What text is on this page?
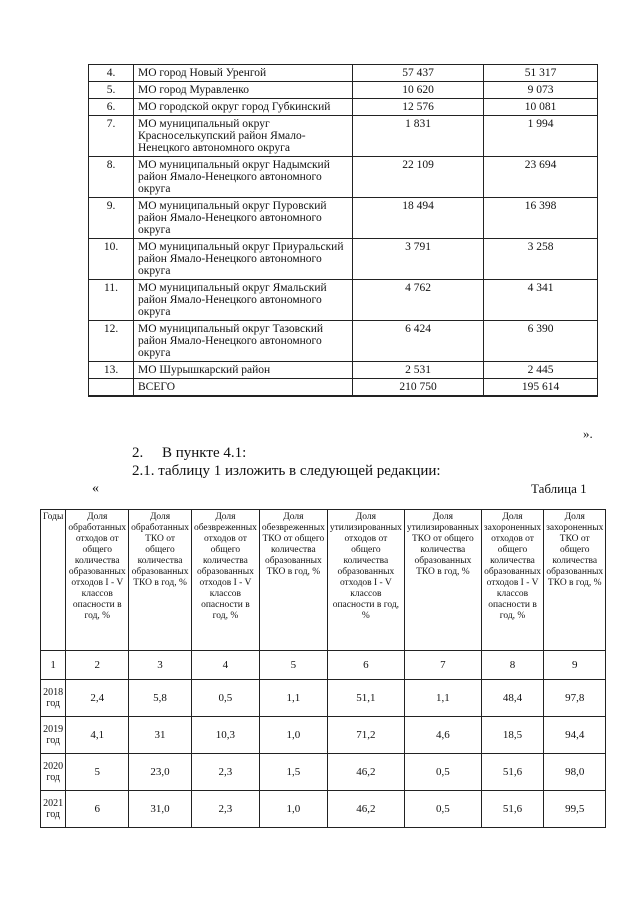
4.	МО город Новый Уренгой	57 437	51 317
5.	МО город Муравленко	10 620	9 073
6.	МО городской округ город Губкинский	12 576	10 081
7.	МО муниципальный округ Красноселькупский район Ямало-Ненецкого автономного округа	1 831	1 994
8.	МО муниципальный округ Надымский район Ямало-Ненецкого автономного округа	22 109	23 694
9.	МО муниципальный округ Пуровский район Ямало-Ненецкого автономного округа	18 494	16 398
10.	МО муниципальный округ Приуральский район Ямало-Ненецкого автономного округа	3 791	3 258
11.	МО муниципальный округ Ямальский район Ямало-Ненецкого автономного округа	4 762	4 341
12.	МО муниципальный округ Тазовский район Ямало-Ненецкого автономного округа	6 424	6 390
13.	МО Шурышкарский район	2 531	2 445
	ВСЕГО	210 750	195 614
».
2. В пункте 4.1:
2.1. таблицу 1 изложить в следующей редакции:
«	Таблица 1
Годы	Доля обработанных отходов от общего количества образованных отходов I - V классов опасности в год, %	Доля обработанных ТКО от общего количества образованных ТКО в год, %	Доля обезвреженных отходов от общего количества образованных отходов I - V классов опасности в год, %	Доля обезвреженных ТКО от общего количества образованных ТКО в год, %	Доля утилизированных отходов от общего количества образованных отходов I - V классов опасности в год, %	Доля утилизированных ТКО от общего количества образованных ТКО в год, %	Доля захороненных отходов от общего количества образованных отходов I - V классов опасности в год, %	Доля захороненных ТКО от общего количества образованных ТКО в год, %
1	2	3	4	5	6	7	8	9
2018 год	2,4	5,8	0,5	1,1	51,1	1,1	48,4	97,8
2019 год	4,1	31	10,3	1,0	71,2	4,6	18,5	94,4
2020 год	5	23,0	2,3	1,5	46,2	0,5	51,6	98,0
2021 год	6	31,0	2,3	1,0	46,2	0,5	51,6	99,5
